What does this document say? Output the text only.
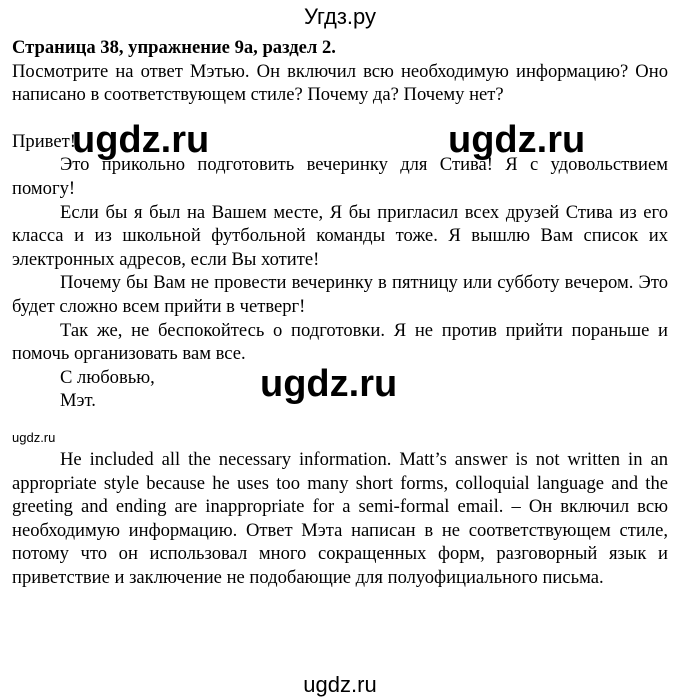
Угдз.ру

Страница 38, упражнение 9а, раздел 2.

Посмотрите на ответ Мэтью. Он включил всю необходимую информацию? Оно написано в соответствующем стиле? Почему да? Почему нет?

Привет!

Это прикольно подготовить вечеринку для Стива! Я с удовольствием помогу!

Если бы я был на Вашем месте, Я бы пригласил всех друзей Стива из его класса и из школьной футбольной команды тоже. Я вышлю Вам список их электронных адресов, если Вы хотите!

Почему бы Вам не провести вечеринку в пятницу или субботу вечером. Это будет сложно всем прийти в четверг!

Так же, не беспокойтесь о подготовки. Я не против прийти пораньше и помочь организовать вам все.

С любовью,

Мэт.

ugdz.ru

He included all the necessary information. Matt’s answer is not written in an appropriate style because he uses too many short forms, colloquial language and the greeting and ending are inappropriate for a semi-formal email. – Он включил всю необходимую информацию. Ответ Мэта написан в не соответствующем стиле, потому что он использовал много сокращенных форм, разговорный язык и приветствие и заключение не подобающие для полуофициального письма.

ugdz.ru	ugdz.ru
ugdz.ru
ugdz.ru
